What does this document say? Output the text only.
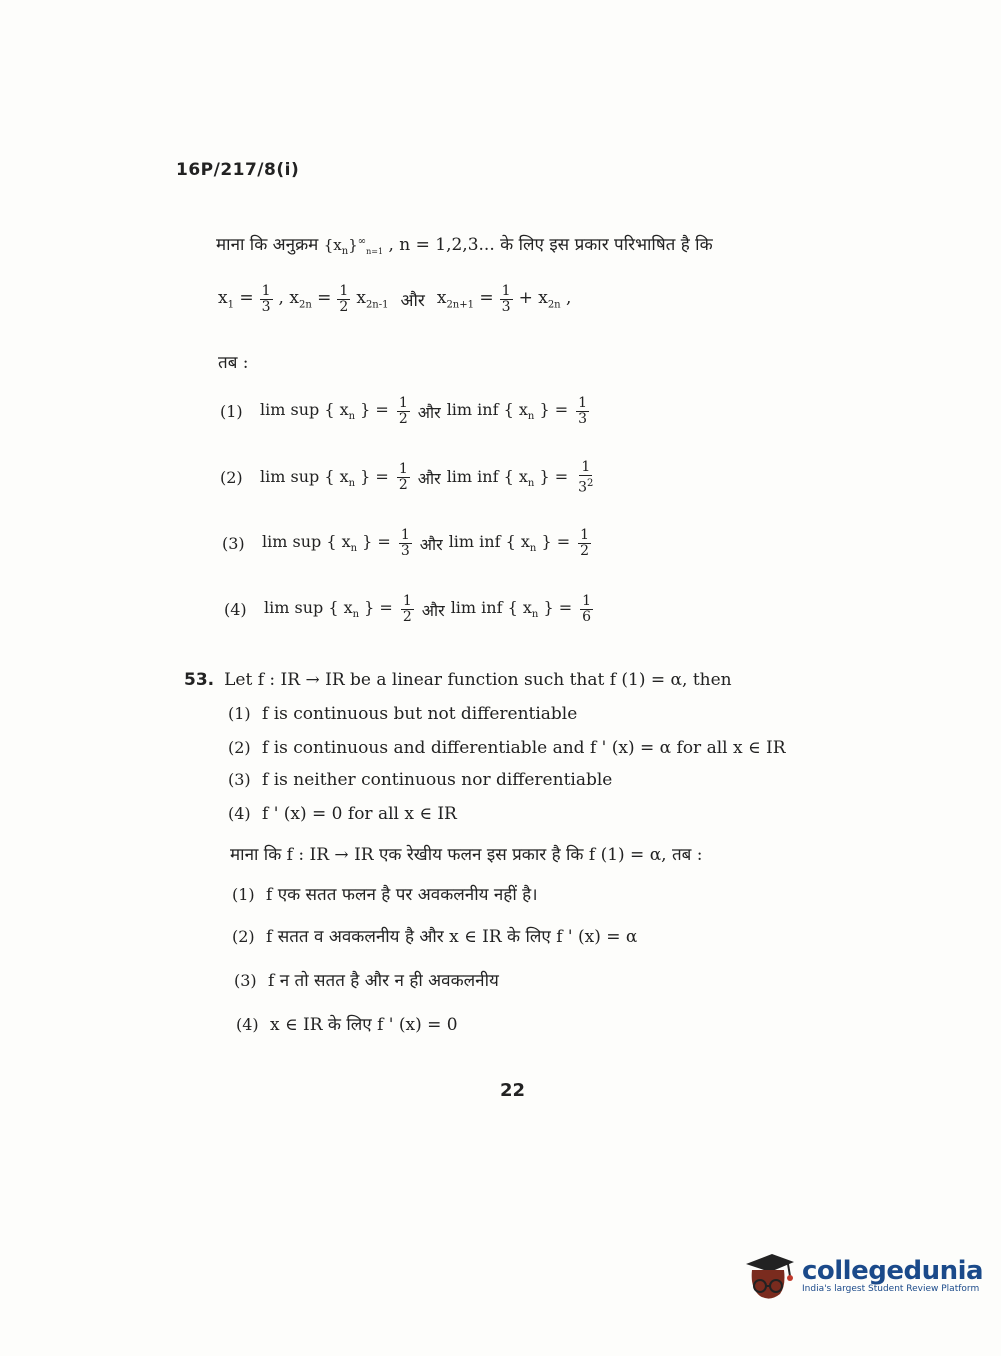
16P/217/8(i)
माना कि अनुक्रम $\{x_n\}^\infty_{n=1}$ , n = 1,2,3... के लिए इस प्रकार परिभाषित है कि
$x_1 = \frac{1}{3}$ , $x_{2n} = \frac{1}{2} x_{2n-1}$ और $x_{2n+1} = \frac{1}{3} + x_{2n}$ ,
तब :
(1)	lim sup { $x_n$ } = $\frac{1}{2}$ और lim inf { $x_n$ } = $\frac{1}{3}$
(2)	lim sup { $x_n$ } = $\frac{1}{2}$ और lim inf { $x_n$ } = $\frac{1}{3^2}$
(3)	lim sup { $x_n$ } = $\frac{1}{3}$ और lim inf { $x_n$ } = $\frac{1}{2}$
(4)	lim sup { $x_n$ } = $\frac{1}{2}$ और lim inf { $x_n$ } = $\frac{1}{6}$
53. Let f : IR → IR be a linear function such that f (1) = α, then
(1) f is continuous but not differentiable
(2) f is continuous and differentiable and f ' (x) = α for all x ∈ IR
(3) f is neither continuous nor differentiable
(4) f ' (x) = 0 for all x ∈ IR
माना कि f : IR → IR एक रेखीय फलन इस प्रकार है कि f (1) = α, तब :
(1) f एक सतत फलन है पर अवकलनीय नहीं है।
(2) f सतत व अवकलनीय है और x ∈ IR के लिए f ' (x) = α
(3) f न तो सतत है और न ही अवकलनीय
(4) x ∈ IR के लिए f ' (x) = 0
22
collegedunia
India's largest Student Review Platform
